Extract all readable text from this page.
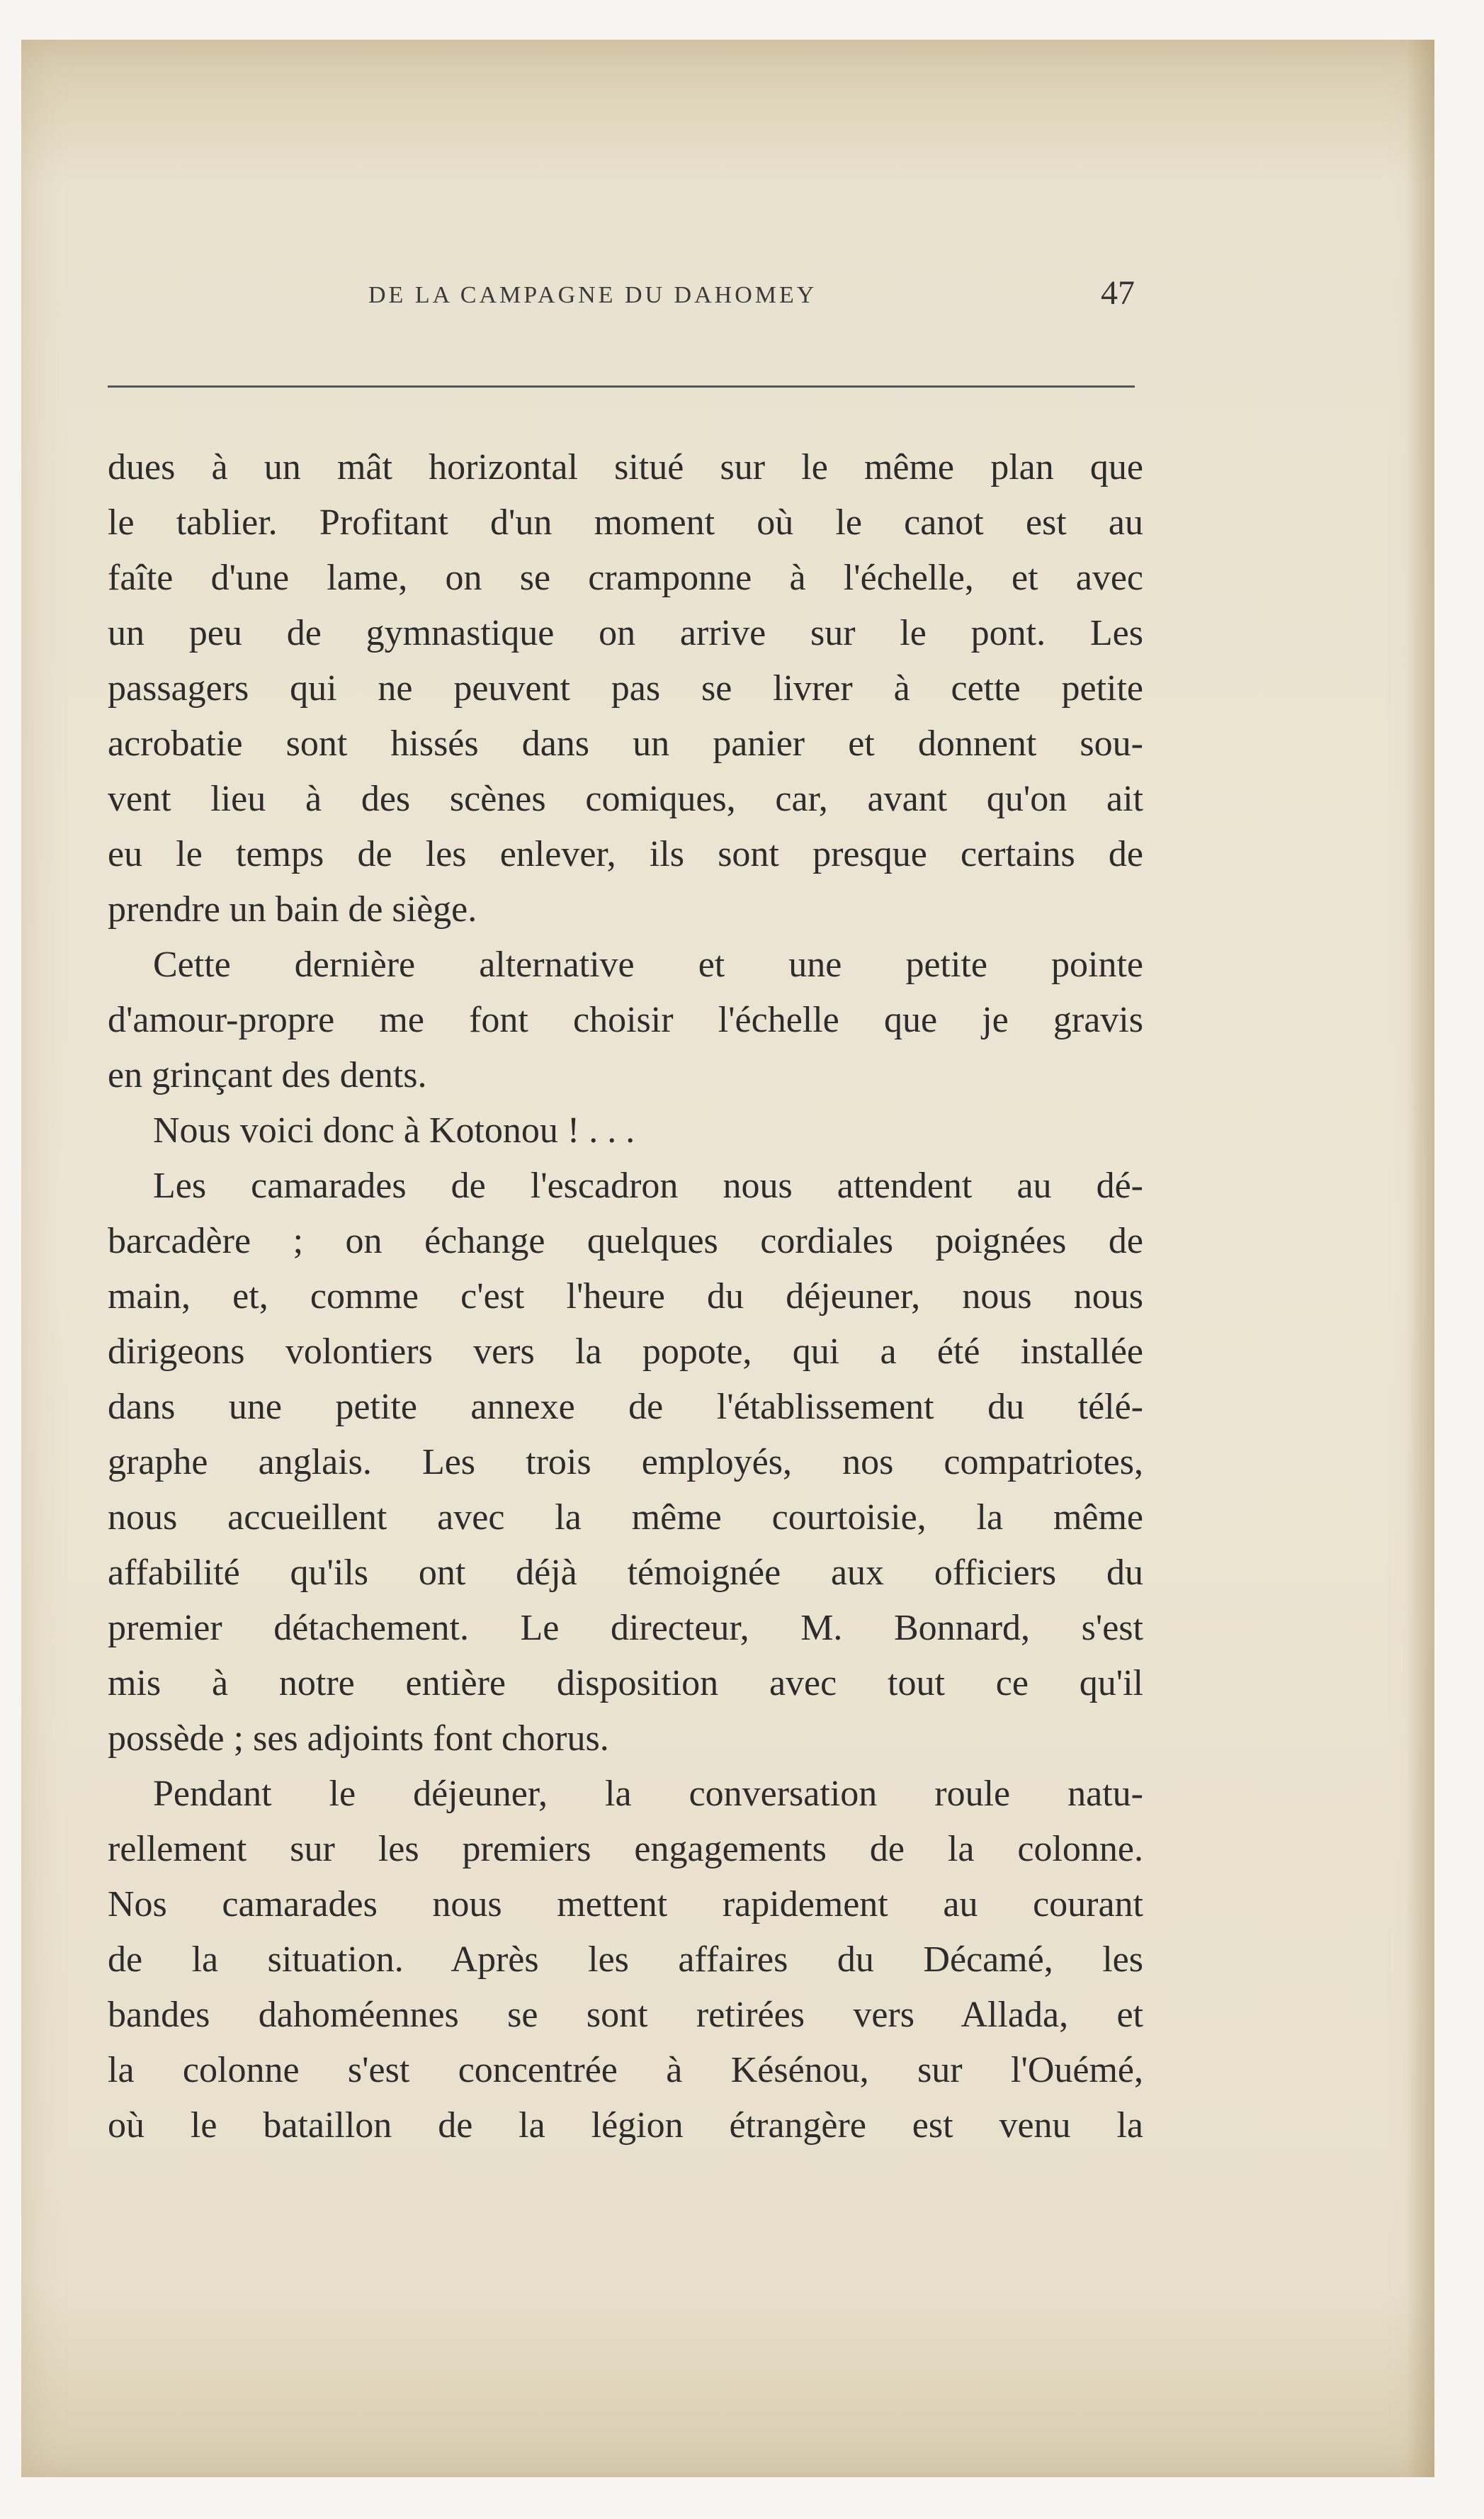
DE LA CAMPAGNE DU DAHOMEY	47
dues à un mât horizontal situé sur le même plan que
le tablier. Profitant d'un moment où le canot est au
faîte d'une lame, on se cramponne à l'échelle, et avec
un peu de gymnastique on arrive sur le pont. Les
passagers qui ne peuvent pas se livrer à cette petite
acrobatie sont hissés dans un panier et donnent sou-
vent lieu à des scènes comiques, car, avant qu'on ait
eu le temps de les enlever, ils sont presque certains de
prendre un bain de siège.
Cette dernière alternative et une petite pointe
d'amour-propre me font choisir l'échelle que je gravis
en grinçant des dents.
Nous voici donc à Kotonou ! . . .
Les camarades de l'escadron nous attendent au dé-
barcadère ; on échange quelques cordiales poignées de
main, et, comme c'est l'heure du déjeuner, nous nous
dirigeons volontiers vers la popote, qui a été installée
dans une petite annexe de l'établissement du télé-
graphe anglais. Les trois employés, nos compatriotes,
nous accueillent avec la même courtoisie, la même
affabilité qu'ils ont déjà témoignée aux officiers du
premier détachement. Le directeur, M. Bonnard, s'est
mis à notre entière disposition avec tout ce qu'il
possède ; ses adjoints font chorus.
Pendant le déjeuner, la conversation roule natu-
rellement sur les premiers engagements de la colonne.
Nos camarades nous mettent rapidement au courant
de la situation. Après les affaires du Décamé, les
bandes dahoméennes se sont retirées vers Allada, et
la colonne s'est concentrée à Késénou, sur l'Ouémé,
où le bataillon de la légion étrangère est venu la
